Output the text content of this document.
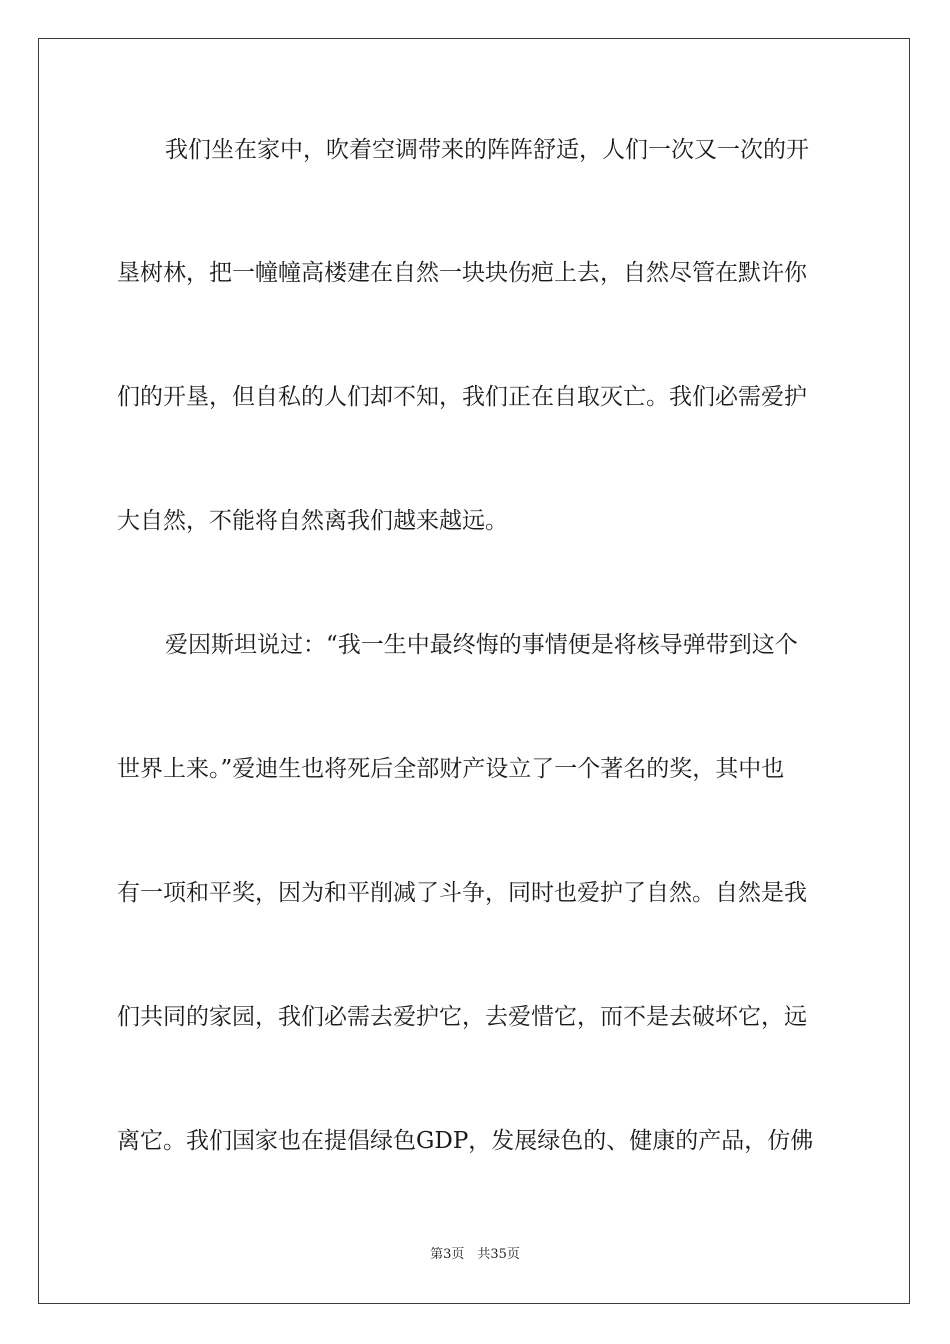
我们坐在家中，吹着空调带来的阵阵舒适，人们一次又一次的开
垦树林，把一幢幢高楼建在自然一块块伤疤上去，自然尽管在默许你
们的开垦，但自私的人们却不知，我们正在自取灭亡。我们必需爱护
大自然，不能将自然离我们越来越远。
爱因斯坦说过：“我一生中最终悔的事情便是将核导弹带到这个
世界上来。”爱迪生也将死后全部财产设立了一个著名的奖，其中也
有一项和平奖，因为和平削减了斗争，同时也爱护了自然。自然是我
们共同的家园，我们必需去爱护它，去爱惜它，而不是去破坏它，远
离它。我们国家也在提倡绿色GDP，发展绿色的、健康的产品，仿佛
第3页　共35页
